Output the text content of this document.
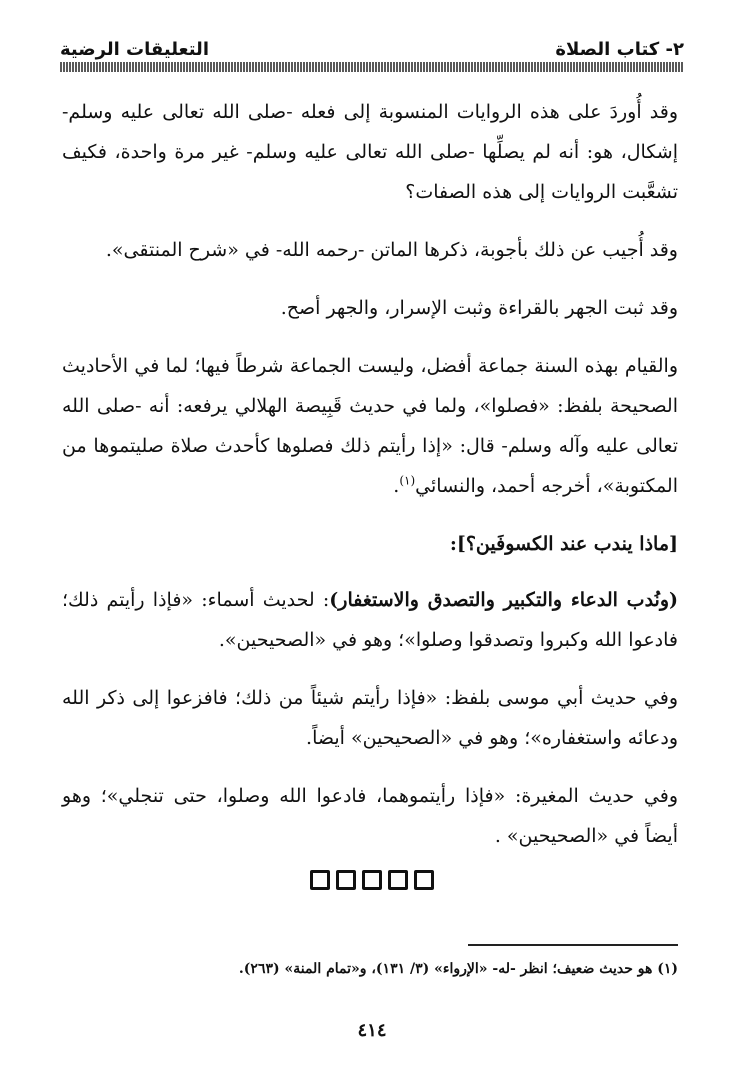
٢- كتاب الصلاة
التعليقات الرضية

وقد أُوردَ على هذه الروايات المنسوبة إلى فعله -صلى الله تعالى عليه وسلم- إشكال، هو: أنه لم يصلِّها -صلى الله تعالى عليه وسلم- غير مرة واحدة، فكيف تشعَّبت الروايات إلى هذه الصفات؟

وقد أُجيب عن ذلك بأجوبة، ذكرها الماتن -رحمه الله- في «شرح المنتقى».

وقد ثبت الجهر بالقراءة وثبت الإسرار، والجهر أصح.

والقيام بهذه السنة جماعة أفضل، وليست الجماعة شرطاً فيها؛ لما في الأحاديث الصحيحة بلفظ: «فصلوا»، ولما في حديث قَبِيصة الهلالي يرفعه: أنه -صلى الله تعالى عليه وآله وسلم- قال: «إذا رأيتم ذلك فصلوها كأحدث صلاة صليتموها من المكتوبة»، أخرجه أحمد، والنسائي$^{(١)}$.

[ماذا يندب عند الكسوفَين؟]:

(ونُدب الدعاء والتكبير والتصدق والاستغفار): لحديث أسماء: «فإذا رأيتم ذلك؛ فادعوا الله وكبروا وتصدقوا وصلوا»؛ وهو في «الصحيحين».

وفي حديث أبي موسى بلفظ: «فإذا رأيتم شيئاً من ذلك؛ فافزعوا إلى ذكر الله ودعائه واستغفاره»؛ وهو في «الصحيحين» أيضاً.

وفي حديث المغيرة: «فإذا رأيتموهما، فادعوا الله وصلوا، حتى تنجلي»؛ وهو أيضاً في «الصحيحين» .

(١) هو حديث ضعيف؛ انظر -له- «الإرواء» (٣/ ١٣١)، و«تمام المنة» (٢٦٣).
٤١٤
